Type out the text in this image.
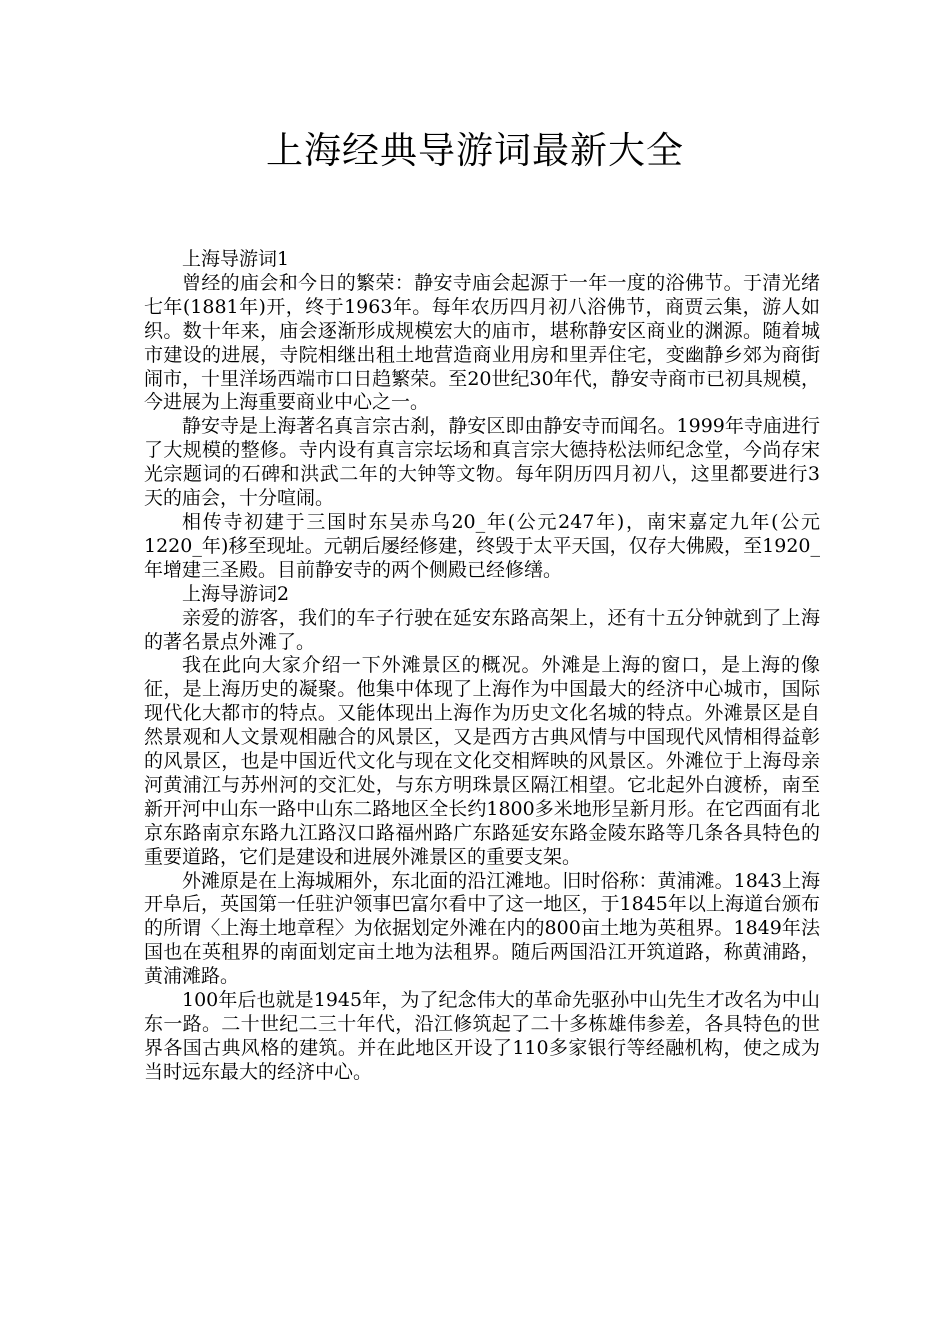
上海经典导游词最新大全

上海导游词1

曾经的庙会和今日的繁荣：静安寺庙会起源于一年一度的浴佛节。于清光绪七年(1881年)开，终于1963年。每年农历四月初八浴佛节，商贾云集，游人如织。数十年来，庙会逐渐形成规模宏大的庙市，堪称静安区商业的渊源。随着城市建设的进展，寺院相继出租土地营造商业用房和里弄住宅，变幽静乡郊为商街闹市，十里洋场西端市口日趋繁荣。至20世纪30年代，静安寺商市已初具规模，今进展为上海重要商业中心之一。

静安寺是上海著名真言宗古刹，静安区即由静安寺而闻名。1999年寺庙进行了大规模的整修。寺内设有真言宗坛场和真言宗大德持松法师纪念堂，今尚存宋光宗题词的石碑和洪武二年的大钟等文物。每年阴历四月初八，这里都要进行3天的庙会，十分喧闹。

相传寺初建于三国时东吴赤乌20_年(公元247年)，南宋嘉定九年(公元1220_年)移至现址。元朝后屡经修建，终毁于太平天国，仅存大佛殿，至1920_年增建三圣殿。目前静安寺的两个侧殿已经修缮。

上海导游词2

亲爱的游客，我们的车子行驶在延安东路高架上，还有十五分钟就到了上海的著名景点外滩了。

我在此向大家介绍一下外滩景区的概况。外滩是上海的窗口，是上海的像征，是上海历史的凝聚。他集中体现了上海作为中国最大的经济中心城市，国际现代化大都市的特点。又能体现出上海作为历史文化名城的特点。外滩景区是自然景观和人文景观相融合的风景区，又是西方古典风情与中国现代风情相得益彰的风景区，也是中国近代文化与现在文化交相辉映的风景区。外滩位于上海母亲河黄浦江与苏州河的交汇处，与东方明珠景区隔江相望。它北起外白渡桥，南至新开河中山东一路中山东二路地区全长约1800多米地形呈新月形。在它西面有北京东路南京东路九江路汉口路福州路广东路延安东路金陵东路等几条各具特色的重要道路，它们是建设和进展外滩景区的重要支架。

外滩原是在上海城厢外，东北面的沿江滩地。旧时俗称：黄浦滩。1843上海开阜后，英国第一任驻沪领事巴富尔看中了这一地区，于1845年以上海道台颁布的所谓〈上海土地章程〉为依据划定外滩在内的800亩土地为英租界。1849年法国也在英租界的南面划定亩土地为法租界。随后两国沿江开筑道路，称黄浦路，黄浦滩路。

100年后也就是1945年，为了纪念伟大的革命先驱孙中山先生才改名为中山东一路。二十世纪二三十年代，沿江修筑起了二十多栋雄伟参差，各具特色的世界各国古典风格的建筑。并在此地区开设了110多家银行等经融机构，使之成为当时远东最大的经济中心。
